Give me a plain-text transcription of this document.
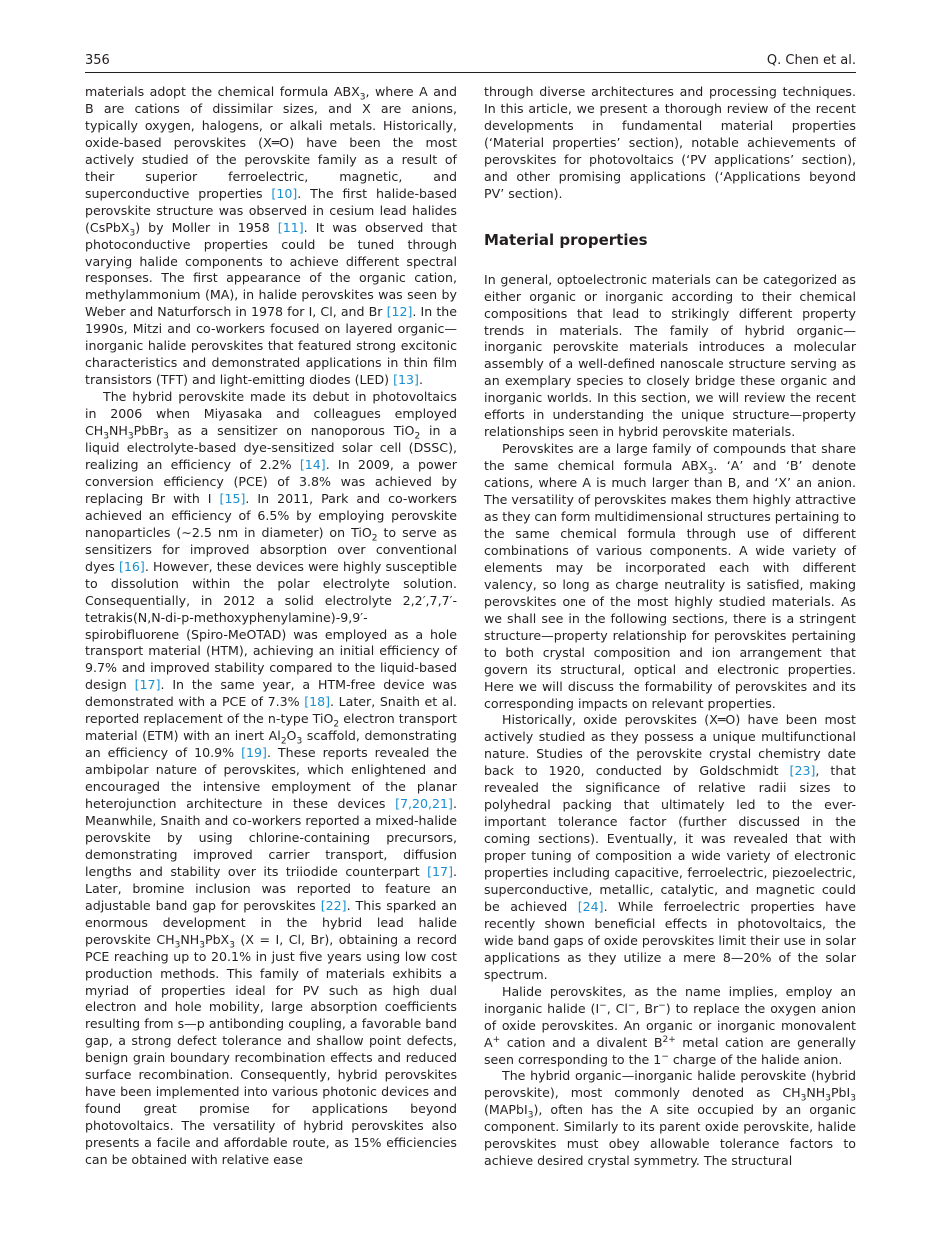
356	Q. Chen et al.

materials adopt the chemical formula $ABX_3$, where A and B are cations of dissimilar sizes, and X are anions, typically oxygen, halogens, or alkali metals. Historically, oxide-based perovskites (X═O) have been the most actively studied of the perovskite family as a result of their superior ferroelectric, magnetic, and superconductive properties [10]. The first halide-based perovskite structure was observed in cesium lead halides (CsPbX$_3$) by Moller in 1958 [11]. It was observed that photoconductive properties could be tuned through varying halide components to achieve different spectral responses. The first appearance of the organic cation, methylammonium (MA), in halide perovskites was seen by Weber and Naturforsch in 1978 for I, Cl, and Br [12]. In the 1990s, Mitzi and co-workers focused on layered organic—inorganic halide perovskites that featured strong excitonic characteristics and demonstrated applications in thin film transistors (TFT) and light-emitting diodes (LED) [13].

The hybrid perovskite made its debut in photovoltaics in 2006 when Miyasaka and colleagues employed $CH_3NH_3PbBr_3$ as a sensitizer on nanoporous TiO$_2$ in a liquid electrolyte-based dye-sensitized solar cell (DSSC), realizing an efficiency of 2.2% [14]. In 2009, a power conversion efficiency (PCE) of 3.8% was achieved by replacing Br with I [15]. In 2011, Park and co-workers achieved an efficiency of 6.5% by employing perovskite nanoparticles (∼2.5 nm in diameter) on TiO$_2$ to serve as sensitizers for improved absorption over conventional dyes [16]. However, these devices were highly susceptible to dissolution within the polar electrolyte solution. Consequentially, in 2012 a solid electrolyte 2,2′,7,7′-tetrakis(N,N-di-p-methoxyphenylamine)-9,9′-spirobifluorene (Spiro-MeOTAD) was employed as a hole transport material (HTM), achieving an initial efficiency of 9.7% and improved stability compared to the liquid-based design [17]. In the same year, a HTM-free device was demonstrated with a PCE of 7.3% [18]. Later, Snaith et al. reported replacement of the n-type TiO$_2$ electron transport material (ETM) with an inert $Al_2O_3$ scaffold, demonstrating an efficiency of 10.9% [19]. These reports revealed the ambipolar nature of perovskites, which enlightened and encouraged the intensive employment of the planar heterojunction architecture in these devices [7,20,21]. Meanwhile, Snaith and co-workers reported a mixed-halide perovskite by using chlorine-containing precursors, demonstrating improved carrier transport, diffusion lengths and stability over its triiodide counterpart [17]. Later, bromine inclusion was reported to feature an adjustable band gap for perovskites [22]. This sparked an enormous development in the hybrid lead halide perovskite $CH_3NH_3PbX_3$ (X = I, Cl, Br), obtaining a record PCE reaching up to 20.1% in just five years using low cost production methods. This family of materials exhibits a myriad of properties ideal for PV such as high dual electron and hole mobility, large absorption coefficients resulting from s—p antibonding coupling, a favorable band gap, a strong defect tolerance and shallow point defects, benign grain boundary recombination effects and reduced surface recombination. Consequently, hybrid perovskites have been implemented into various photonic devices and found great promise for applications beyond photovoltaics. The versatility of hybrid perovskites also presents a facile and affordable route, as 15% efficiencies can be obtained with relative ease

through diverse architectures and processing techniques. In this article, we present a thorough review of the recent developments in fundamental material properties (‘Material properties’ section), notable achievements of perovskites for photovoltaics (‘PV applications’ section), and other promising applications (‘Applications beyond PV’ section).

Material properties

In general, optoelectronic materials can be categorized as either organic or inorganic according to their chemical compositions that lead to strikingly different property trends in materials. The family of hybrid organic—inorganic perovskite materials introduces a molecular assembly of a well-defined nanoscale structure serving as an exemplary species to closely bridge these organic and inorganic worlds. In this section, we will review the recent efforts in understanding the unique structure—property relationships seen in hybrid perovskite materials.

Perovskites are a large family of compounds that share the same chemical formula $ABX_3$. ‘A’ and ‘B’ denote cations, where A is much larger than B, and ‘X’ an anion. The versatility of perovskites makes them highly attractive as they can form multidimensional structures pertaining to the same chemical formula through use of different combinations of various components. A wide variety of elements may be incorporated each with different valency, so long as charge neutrality is satisfied, making perovskites one of the most highly studied materials. As we shall see in the following sections, there is a stringent structure—property relationship for perovskites pertaining to both crystal composition and ion arrangement that govern its structural, optical and electronic properties. Here we will discuss the formability of perovskites and its corresponding impacts on relevant properties.

Historically, oxide perovskites (X═O) have been most actively studied as they possess a unique multifunctional nature. Studies of the perovskite crystal chemistry date back to 1920, conducted by Goldschmidt [23], that revealed the significance of relative radii sizes to polyhedral packing that ultimately led to the ever-important tolerance factor (further discussed in the coming sections). Eventually, it was revealed that with proper tuning of composition a wide variety of electronic properties including capacitive, ferroelectric, piezoelectric, superconductive, metallic, catalytic, and magnetic could be achieved [24]. While ferroelectric properties have recently shown beneficial effects in photovoltaics, the wide band gaps of oxide perovskites limit their use in solar applications as they utilize a mere 8—20% of the solar spectrum.

Halide perovskites, as the name implies, employ an inorganic halide (I−, Cl−, Br−) to replace the oxygen anion of oxide perovskites. An organic or inorganic monovalent A+ cation and a divalent $B^{2+}$ metal cation are generally seen corresponding to the 1− charge of the halide anion.

The hybrid organic—inorganic halide perovskite (hybrid perovskite), most commonly denoted as $CH_3NH_3PbI_3$ (MAPbI$_3$), often has the A site occupied by an organic component. Similarly to its parent oxide perovskite, halide perovskites must obey allowable tolerance factors to achieve desired crystal symmetry. The structural
